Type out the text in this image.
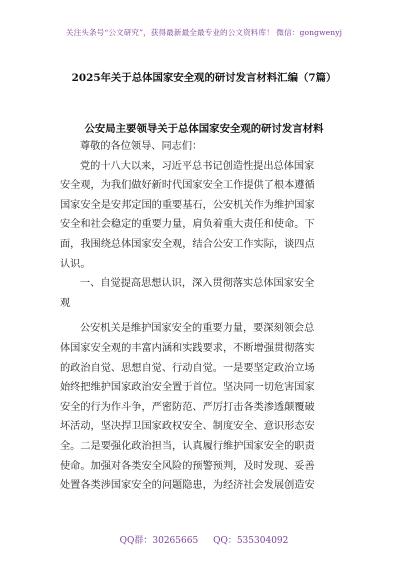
关注头条号“公文研究”，获得最新最全最专业的公文资料库！ 微信：gongwenyj
2025年关于总体国家安全观的研讨发言材料汇编（7篇）
公安局主要领导关于总体国家安全观的研讨发言材料
尊敬的各位领导、同志们：
党的十八大以来，习近平总书记创造性提出总体国家
安全观，为我们做好新时代国家安全工作提供了根本遵循
国家安全是安邦定国的重要基石，公安机关作为维护国家
安全和社会稳定的重要力量，肩负着重大责任和使命。下
面，我围绕总体国家安全观，结合公安工作实际，谈四点
认识。
一、自觉提高思想认识，深入贯彻落实总体国家安全
观
公安机关是维护国家安全的重要力量，要深刻领会总
体国家安全观的丰富内涵和实践要求，不断增强贯彻落实
的政治自觉、思想自觉、行动自觉。一是要坚定政治立场
始终把维护国家政治安全置于首位。坚决同一切危害国家
安全的行为作斗争，严密防范、严厉打击各类渗透颠覆破
坏活动，坚决捍卫国家政权安全、制度安全、意识形态安
全。二是要强化政治担当，认真履行维护国家安全的职责
使命。加强对各类安全风险的预警预判，及时发现、妥善
处置各类涉国家安全的问题隐患，为经济社会发展创造安
QQ群：30265665 QQ：535304092
